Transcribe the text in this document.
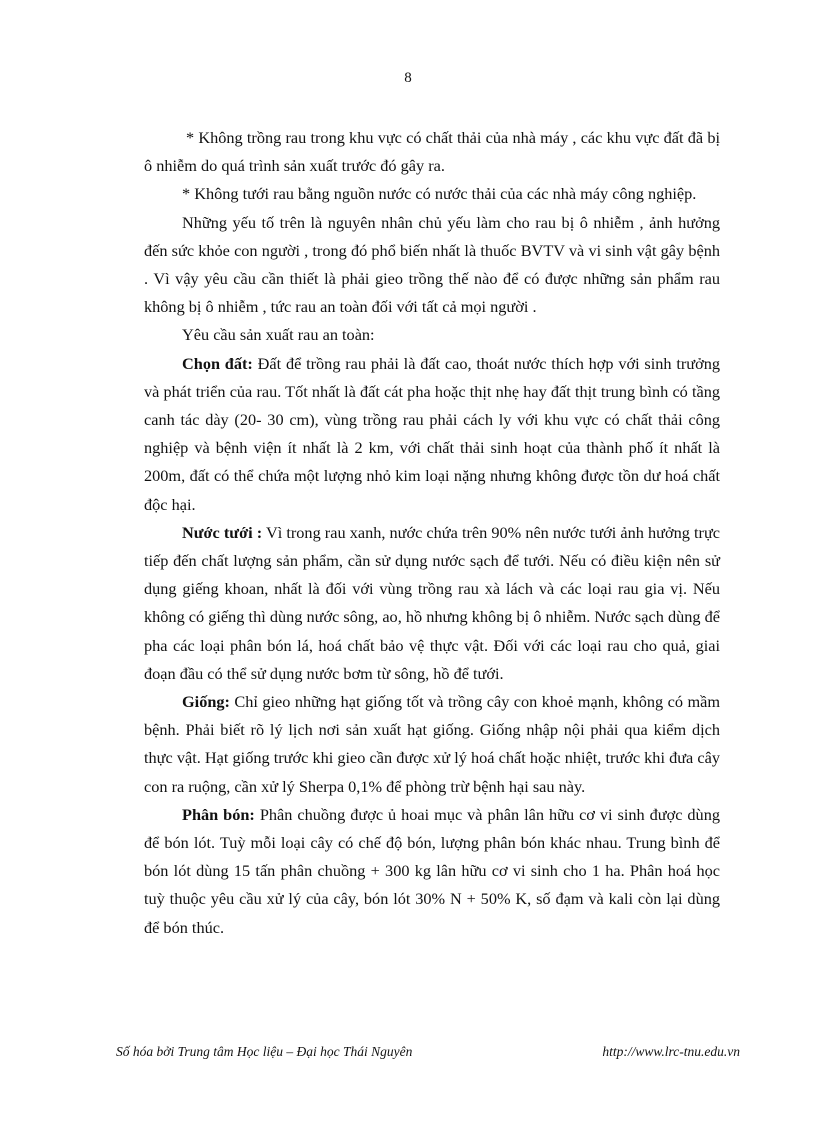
8

* Không trồng rau trong khu vực có chất thải của nhà máy , các khu vực đất đã bị ô nhiễm do quá trình sản xuất trước đó gây ra.

* Không tưới rau bằng nguồn nước có nước thải của các nhà máy công nghiệp.

Những yếu tố trên là nguyên nhân chủ yếu làm cho rau bị ô nhiễm , ảnh hưởng đến sức khỏe con người , trong đó phổ biến nhất là thuốc BVTV và vi sinh vật gây bệnh . Vì vậy yêu cầu cần thiết là phải gieo trồng thế nào để có được những sản phẩm rau không bị ô nhiễm , tức rau an toàn đối với tất cả mọi người .

Yêu cầu sản xuất rau an toàn:

Chọn đất: Đất để trồng rau phải là đất cao, thoát nước thích hợp với sinh trưởng và phát triển của rau. Tốt nhất là đất cát pha hoặc thịt nhẹ hay đất thịt trung bình có tầng canh tác dày (20- 30 cm), vùng trồng rau phải cách ly với khu vực có chất thải công nghiệp và bệnh viện ít nhất là 2 km, với chất thải sinh hoạt của thành phố ít nhất là 200m, đất có thể chứa một lượng nhỏ kim loại nặng nhưng không được tồn dư hoá chất độc hại.

Nước tưới : Vì trong rau xanh, nước chứa trên 90% nên nước tưới ảnh hưởng trực tiếp đến chất lượng sản phẩm, cần sử dụng nước sạch để tưới. Nếu có điều kiện nên sử dụng giếng khoan, nhất là đối với vùng trồng rau xà lách và các loại rau gia vị. Nếu không có giếng thì dùng nước sông, ao, hồ nhưng không bị ô nhiễm. Nước sạch dùng để pha các loại phân bón lá, hoá chất bảo vệ thực vật. Đối với các loại rau cho quả, giai đoạn đầu có thể sử dụng nước bơm từ sông, hồ để tưới.

Giống: Chỉ gieo những hạt giống tốt và trồng cây con khoẻ mạnh, không có mầm bệnh. Phải biết rõ lý lịch nơi sản xuất hạt giống. Giống nhập nội phải qua kiểm dịch thực vật. Hạt giống trước khi gieo cần được xử lý hoá chất hoặc nhiệt, trước khi đưa cây con ra ruộng, cần xử lý Sherpa 0,1% để phòng trừ bệnh hại sau này.

Phân bón: Phân chuồng được ủ hoai mục và phân lân hữu cơ vi sinh được dùng để bón lót. Tuỳ mỗi loại cây có chế độ bón, lượng phân bón khác nhau. Trung bình để bón lót dùng 15 tấn phân chuồng + 300 kg lân hữu cơ vi sinh cho 1 ha. Phân hoá học tuỳ thuộc yêu cầu xử lý của cây, bón lót 30% N + 50% K, số đạm và kali còn lại dùng để bón thúc.

Số hóa bởi Trung tâm Học liệu – Đại học Thái Nguyên	http://www.lrc-tnu.edu.vn
